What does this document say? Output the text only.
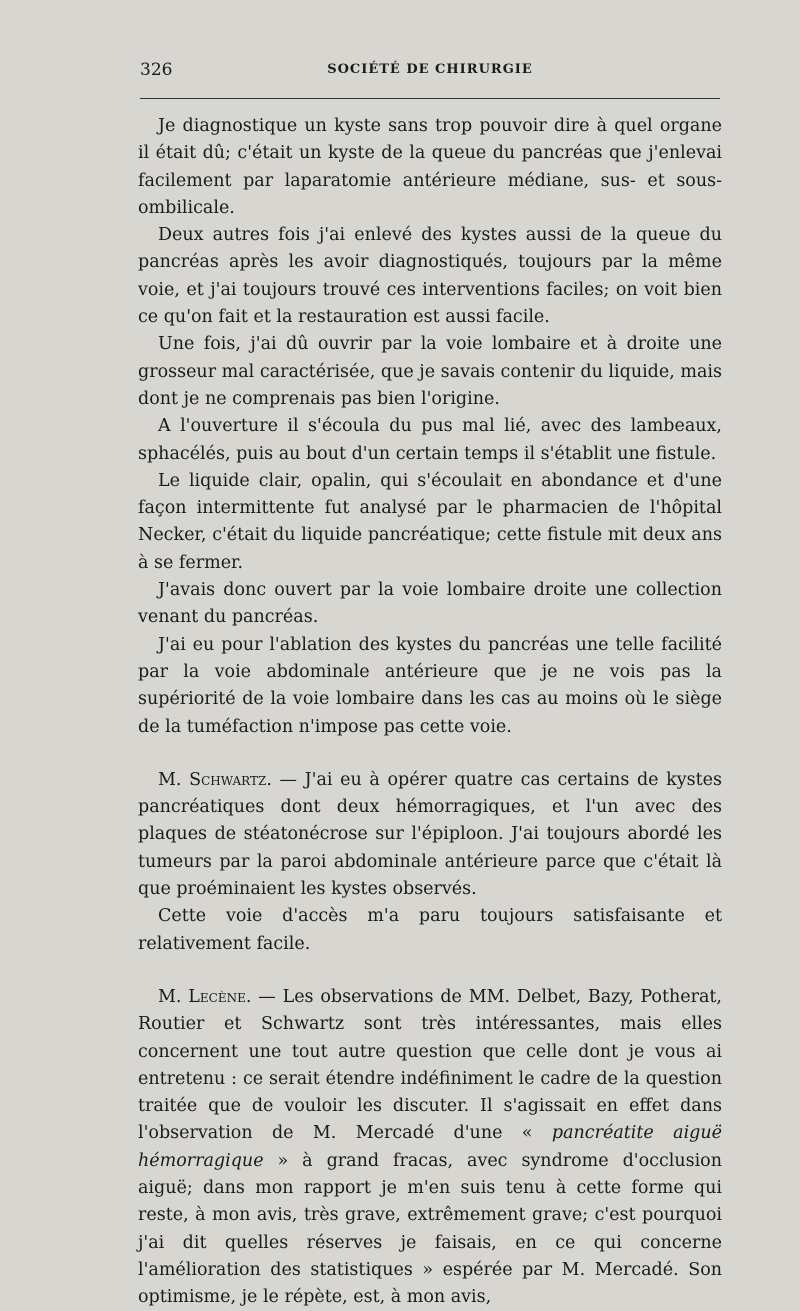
326	SOCIÉTÉ DE CHIRURGIE

Je diagnostique un kyste sans trop pouvoir dire à quel organe il était dû; c'était un kyste de la queue du pancréas que j'enlevai facilement par laparatomie antérieure médiane, sus- et sous-ombilicale.

Deux autres fois j'ai enlevé des kystes aussi de la queue du pancréas après les avoir diagnostiqués, toujours par la même voie, et j'ai toujours trouvé ces interventions faciles; on voit bien ce qu'on fait et la restauration est aussi facile.

Une fois, j'ai dû ouvrir par la voie lombaire et à droite une grosseur mal caractérisée, que je savais contenir du liquide, mais dont je ne comprenais pas bien l'origine.

A l'ouverture il s'écoula du pus mal lié, avec des lambeaux, sphacélés, puis au bout d'un certain temps il s'établit une fistule.

Le liquide clair, opalin, qui s'écoulait en abondance et d'une façon intermittente fut analysé par le pharmacien de l'hôpital Necker, c'était du liquide pancréatique; cette fistule mit deux ans à se fermer.

J'avais donc ouvert par la voie lombaire droite une collection venant du pancréas.

J'ai eu pour l'ablation des kystes du pancréas une telle facilité par la voie abdominale antérieure que je ne vois pas la supériorité de la voie lombaire dans les cas au moins où le siège de la tuméfaction n'impose pas cette voie.

M. Schwartz. — J'ai eu à opérer quatre cas certains de kystes pancréatiques dont deux hémorragiques, et l'un avec des plaques de stéatonécrose sur l'épiploon. J'ai toujours abordé les tumeurs par la paroi abdominale antérieure parce que c'était là que proéminaient les kystes observés.

Cette voie d'accès m'a paru toujours satisfaisante et relativement facile.

M. Lecène. — Les observations de MM. Delbet, Bazy, Potherat, Routier et Schwartz sont très intéressantes, mais elles concernent une tout autre question que celle dont je vous ai entretenu : ce serait étendre indéfiniment le cadre de la question traitée que de vouloir les discuter. Il s'agissait en effet dans l'observation de M. Mercadé d'une « pancréatite aiguë hémorragique » à grand fracas, avec syndrome d'occlusion aiguë; dans mon rapport je m'en suis tenu à cette forme qui reste, à mon avis, très grave, extrêmement grave; c'est pourquoi j'ai dit quelles réserves je faisais, en ce qui concerne l'amélioration des statistiques » espérée par M. Mercadé. Son optimisme, je le répète, est, à mon avis,
